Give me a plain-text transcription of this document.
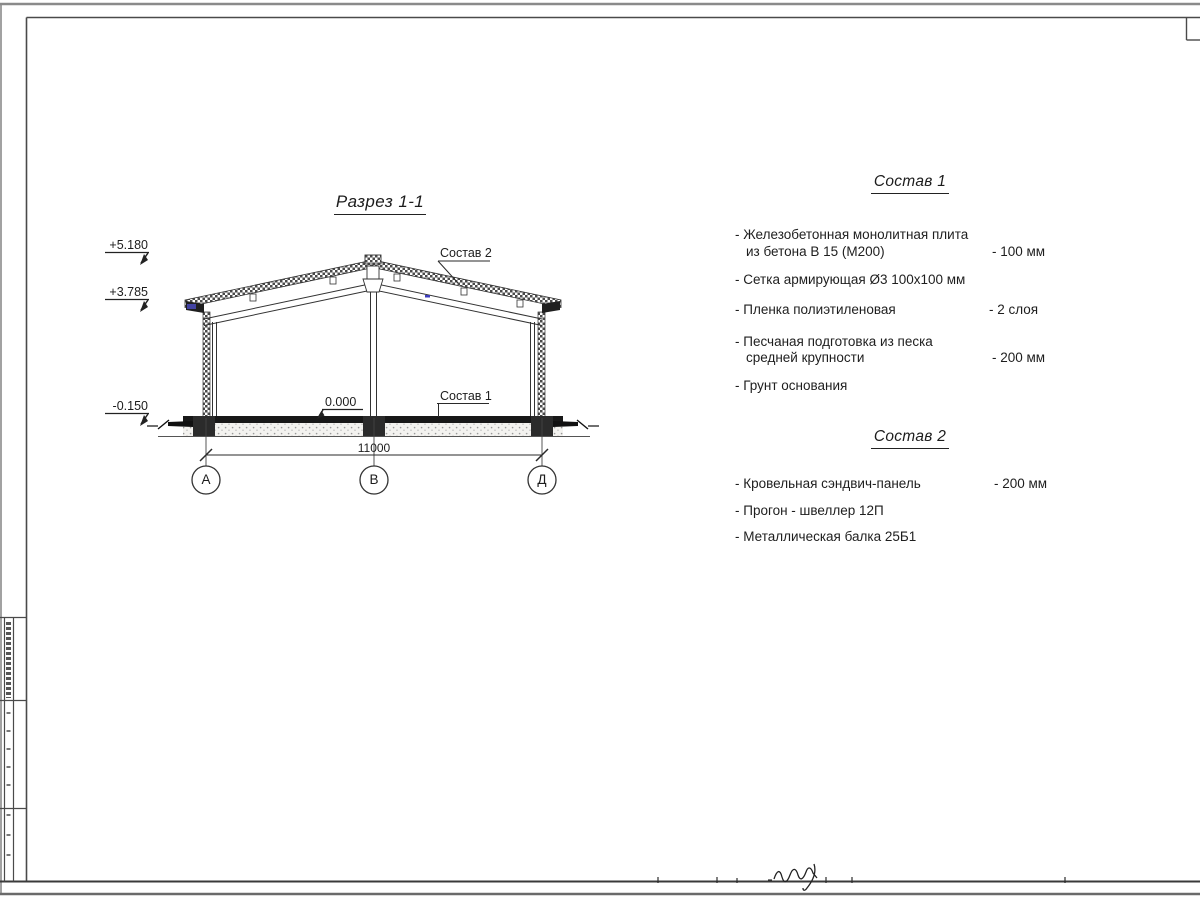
Разрез 1-1
+5.180
+3.785
-0.150	0.000
Состав 2
Состав 1
11000
А	В	Д
Состав 1
- Железобетонная монолитная плита
из бетона В 15 (М200)	- 100 мм
- Сетка армирующая Ø3 100х100 мм
- Пленка полиэтиленовая	- 2 слоя
- Песчаная подготовка из песка
средней крупности	- 200 мм
- Грунт основания
Состав 2
- Кровельная сэндвич-панель	- 200 мм
- Прогон - швеллер 12П
- Металлическая балка 25Б1
